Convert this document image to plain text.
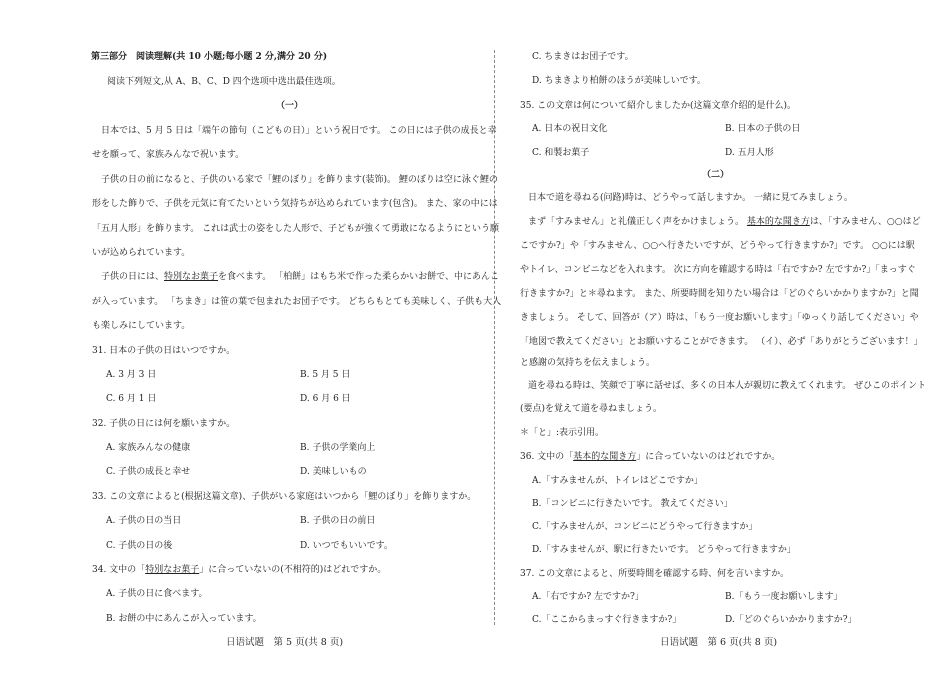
第三部分　阅读理解(共 10 小题;每小题 2 分,满分 20 分)
阅读下列短文,从 A、B、C、D 四个选项中选出最佳选项。
（一）
日本では、5 月 5 日は「端午の節句（こどもの日）」という祝日です。 この日には子供の成長と幸
せを願って、家族みんなで祝います。
子供の日の前になると、子供のいる家で「鯉のぼり」を飾ります(装饰)。 鯉のぼりは空に泳ぐ鯉の
形をした飾りで、子供を元気に育てたいという気持ちが込められています(包含)。 また、家の中には
「五月人形」を飾ります。 これは武士の姿をした人形で、子どもが強くて勇敢になるようにという願
いが込められています。
子供の日には、特別なお菓子を食べます。 「柏餅」はもち米で作った柔らかいお餅で、中にあんこ
が入っています。 「ちまき」は笹の葉で包まれたお団子です。 どちらもとても美味しく、子供も大人
も楽しみにしています。
31. 日本の子供の日はいつですか。
A. 3 月 3 日	B. 5 月 5 日
C. 6 月 1 日	D. 6 月 6 日
32. 子供の日には何を願いますか。
A. 家族みんなの健康	B. 子供の学業向上
C. 子供の成長と幸せ	D. 美味しいもの
33. この文章によると(根据这篇文章)、子供がいる家庭はいつから「鯉のぼり」を飾りますか。
A. 子供の日の当日	B. 子供の日の前日
C. 子供の日の後	D. いつでもいいです。
34. 文中の「特別なお菓子」に合っていないの(不相符的)はどれですか。
A. 子供の日に食べます。
B. お餅の中にあんこが入っています。
日语试题　第 5 页(共 8 页)
C. ちまきはお団子です。
D. ちまきより柏餅のほうが美味しいです。
35. この文章は何について紹介しましたか(这篇文章介绍的是什么)。
A. 日本の祝日文化	B. 日本の子供の日
C. 和製お菓子	D. 五月人形
（二）
日本で道を尋ねる(问路)時は、どうやって話しますか。 一緒に見てみましょう。
まず「すみません」と礼儀正しく声をかけましょう。 基本的な聞き方は、「すみません、○○はど
こですか?」や「すみません、○○へ行きたいですが、どうやって行きますか?」です。 ○○には駅
やトイレ、コンビニなどを入れます。 次に方向を確認する時は「右ですか? 左ですか?」「まっすぐ
行きますか?」と＊尋ねます。 また、所要時間を知りたい場合は「どのぐらいかかりますか?」と聞
きましょう。 そして、回答が（ア）時は、「もう一度お願いします」「ゆっくり話してください」や
「地図で教えてください」とお願いすることができます。 （イ）、必ず「ありがとうございます！」
と感謝の気持ちを伝えましょう。
道を尋ねる時は、笑顔で丁寧に話せば、多くの日本人が親切に教えてくれます。 ぜひこのポイント
(要点)を覚えて道を尋ねましょう。
＊「と」:表示引用。
36. 文中の「基本的な聞き方」に合っていないのはどれですか。
A.「すみませんが、トイレはどこですか」
B.「コンビニに行きたいです。 教えてください」
C.「すみませんが、コンビニにどうやって行きますか」
D.「すみませんが、駅に行きたいです。 どうやって行きますか」
37. この文章によると、所要時間を確認する時、何を言いますか。
A.「右ですか? 左ですか?」	B.「もう一度お願いします」
C.「ここからまっすぐ行きますか?」	D.「どのぐらいかかりますか?」
日语试题　第 6 页(共 8 页)
